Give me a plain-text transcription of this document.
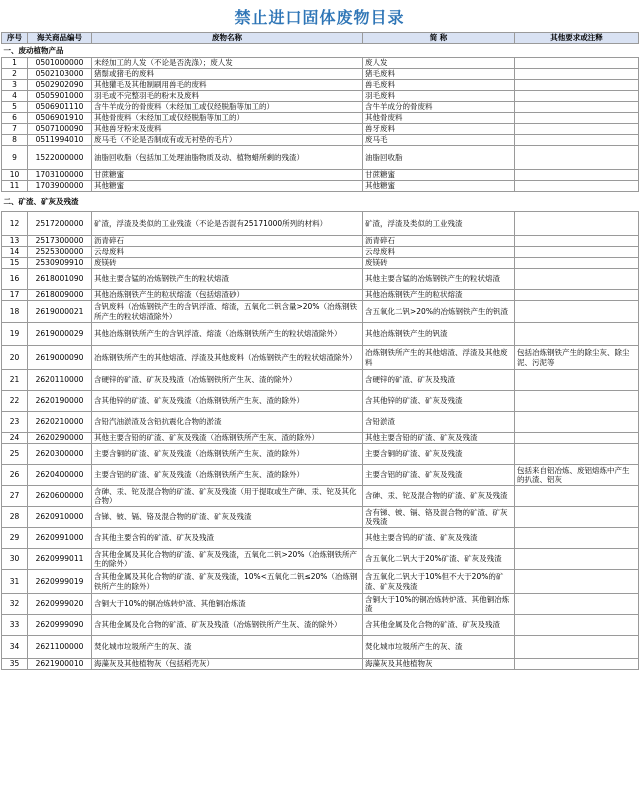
禁止进口固体废物目录
序号	海关商品编号	废物名称	简 称	其他要求或注释
一、废动植物产品				
1	0501000000	未经加工的人发（不论是否洗涤）；废人发	废人发	
2	0502103000	猪鬃或猪毛的废料	猪毛废料	
3	0502902090	其他獾毛及其他制刷用兽毛的废料	兽毛废料	
4	0505901000	羽毛或不完整羽毛的粉末及废料	羽毛废料	
5	0506901110	含牛羊成分的骨废料（未经加工或仅经脱脂等加工的）	含牛羊成分的骨废料	
6	0506901910	其他骨废料（未经加工或仅经脱脂等加工的）	其他骨废料	
7	0507100090	其他兽牙粉末及废料	兽牙废料	
8	0511994010	废马毛（不论是否制成有或无衬垫的毛片）	废马毛	
9	1522000000	油脂回收脂（包括加工处理油脂物质及动、植物蜡所剩的残渣）	油脂回收脂	
10	1703100000	甘蔗糖蜜	甘蔗糖蜜	
11	1703900000	其他糖蜜	其他糖蜜	
二、矿渣、矿灰及残渣				
12	2517200000	矿渣，浮渣及类似的工业残渣（不论是否混有25171000所列的材料）	矿渣，浮渣及类似的工业残渣	
13	2517300000	沥青碎石	沥青碎石	
14	2525300000	云母废料	云母废料	
15	2530909910	废镁砖	废镁砖	
16	2618001090	其他主要含锰的冶炼钢铁产生的粒状熔渣	其他主要含锰的冶炼钢铁产生的粒状熔渣	
17	2618009000	其他冶炼钢铁产生的粒状熔渣（包括熔渣砂）	其他冶炼钢铁产生的粒状熔渣	
18	2619000021	含钒废料（冶炼钢铁产生的含钒浮渣、熔渣，五氧化二钒含量>20%（冶炼钢铁所产生的粒状熔渣除外）	含五氧化二钒>20%的冶炼钢铁产生的钒渣	
19	2619000029	其他冶炼钢铁所产生的含钒浮渣、熔渣（冶炼钢铁所产生的粒状熔渣除外）	其他冶炼钢铁产生的钒渣	
20	2619000090	冶炼钢铁所产生的其他熔渣、浮渣及其他废料（冶炼钢铁产生的粒状熔渣除外）	冶炼钢铁所产生的其他熔渣、浮渣及其他废料	包括冶炼钢铁产生的除尘灰、除尘泥、污泥等
21	2620110000	含硬锌的矿渣、矿灰及残渣（冶炼钢铁所产生灰、渣的除外）	含硬锌的矿渣、矿灰及残渣	
22	2620190000	含其他锌的矿渣、矿灰及残渣（冶炼钢铁所产生灰、渣的除外）	含其他锌的矿渣、矿灰及残渣	
23	2620210000	含铅汽油淤渣及含铅抗震化合物的淤渣	含铅淤渣	
24	2620290000	其他主要含铅的矿渣、矿灰及残渣（冶炼钢铁所产生灰、渣的除外）	其他主要含铅的矿渣、矿灰及残渣	
25	2620300000	主要含铜的矿渣、矿灰及残渣（冶炼钢铁所产生灰、渣的除外）	主要含铜的矿渣、矿灰及残渣	
26	2620400000	主要含铝的矿渣、矿灰及残渣（冶炼钢铁所产生灰、渣的除外）	主要含铝的矿渣、矿灰及残渣	包括来自铝冶炼、废铝熔炼中产生的扒渣、铝灰
27	2620600000	含砷、汞、铊及混合物的矿渣、矿灰及残渣（用于提取或生产砷、汞、铊及其化合物）	含砷、汞、铊及混合物的矿渣、矿灰及残渣	
28	2620910000	含锑、铍、镉、铬及混合物的矿渣、矿灰及残渣	含有锑、铍、镉、铬及混合物的矿渣、矿灰及残渣	
29	2620991000	含其他主要含钨的矿渣、矿灰及残渣	其他主要含钨的矿渣、矿灰及残渣	
30	2620999011	含其他金属及其化合物的矿渣、矿灰及残渣，五氧化二钒>20%（冶炼钢铁所产生的除外）	含五氧化二钒大于20%矿渣、矿灰及残渣	
31	2620999019	含其他金属及其化合物的矿渣、矿灰及残渣，10%<五氧化二钒≤20%（冶炼钢铁所产生的除外）	含五氧化二钒大于10%但不大于20%的矿渣、矿灰及残渣	
32	2620999020	含铜大于10%的铜冶炼转炉渣、其他铜冶炼渣	含铜大于10%的铜冶炼转炉渣、其他铜冶炼渣	
33	2620999090	含其他金属及化合物的矿渣、矿灰及残渣（冶炼钢铁所产生灰、渣的除外）	含其他金属及化合物的矿渣、矿灰及残渣	
34	2621100000	焚化城市垃圾所产生的灰、渣	焚化城市垃圾所产生的灰、渣	
35	2621900010	海藻灰及其他植物灰（包括稻壳灰）	海藻灰及其他植物灰	
